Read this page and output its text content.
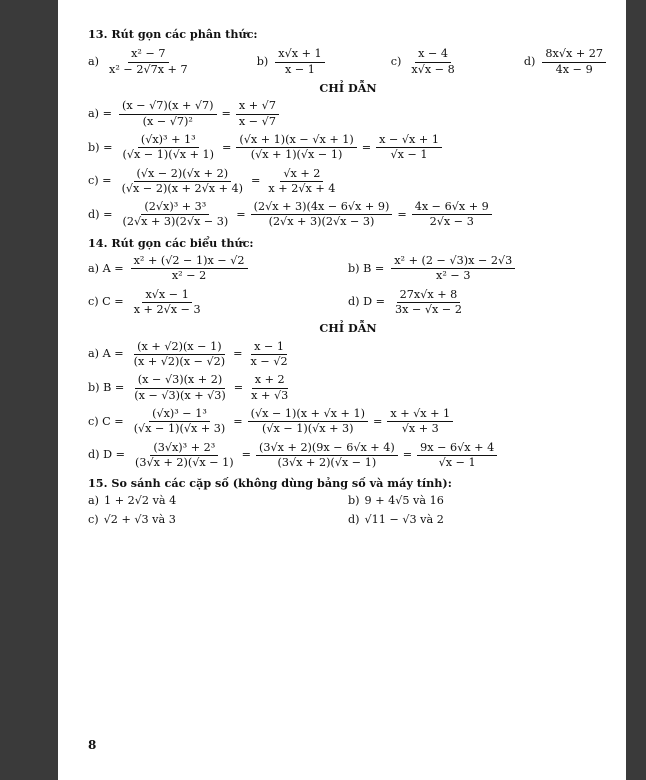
13. Rút gọn các phân thức:
$a) \frac{\text{x² − 7}}{\text{x² − 2√7x + 7}}$	$b) \frac{x√x + 1}{x - 1}$	$c) \frac{x - 4}{x√x - 8}$	$d) \frac{8x√x + 27}{4x - 9}$
CHỈ DẪN
$a) = \frac{(x - √7)(x + √7)}{\text{(x − √7)²}} = \frac{x + √7}{x - √7}$
$b) = \frac{\text{(√x)³ + 1³}}{(√x - 1)(√x + 1)} = \frac{(√x + 1)(x - √x + 1)}{(√x + 1)(√x - 1)} = \frac{x - √x + 1}{√x - 1}$
$c) = \frac{(√x - 2)(√x + 2)}{(√x - 2)(x + 2√x + 4)} = \frac{√x + 2}{x + 2√x + 4}$
$d) = \frac{\text{(2√x)³ + 3³}}{(2√x + 3)(2√x - 3)} = \frac{(2√x + 3)(4x - 6√x + 9)}{(2√x + 3)(2√x - 3)} = \frac{4x - 6√x + 9}{2√x - 3}$
14. Rút gọn các biểu thức:
a) $A = \frac{\text{x² + (√2 − 1)x − √2}}{\text{x² − 2}}$	b) $B = \frac{\text{x² + (2 − √3)x − 2√3}}{\text{x² − 3}}$
c) $C = \frac{x√x - 1}{x + 2√x - 3}$	d) $D = \frac{27x√x + 8}{3x - √x - 2}$
CHỈ DẪN
a) $A = \frac{(x + √2)(x - 1)}{(x + √2)(x - √2)} = \frac{x - 1}{x - √2}$
b) $B = \frac{(x - √3)(x + 2)}{(x - √3)(x + √3)} = \frac{x + 2}{x + √3}$
c) $C = \frac{\text{(√x)³ − 1³}}{(√x - 1)(√x + 3)} = \frac{(√x - 1)(x + √x + 1)}{(√x - 1)(√x + 3)} = \frac{x + √x + 1}{√x + 3}$
d) $D = \frac{\text{(3√x)³ + 2³}}{(3√x + 2)(√x - 1)} = \frac{(3√x + 2)(9x - 6√x + 4)}{(3√x + 2)(√x - 1)} = \frac{9x - 6√x + 4}{√x - 1}$
15. So sánh các cặp số (không dùng bảng số và máy tính):
a) 1 + 2√2 và 4	b) 9 + 4√5 và 16
c) √2 + √3 và 3	d) √11 − √3 và 2
8
